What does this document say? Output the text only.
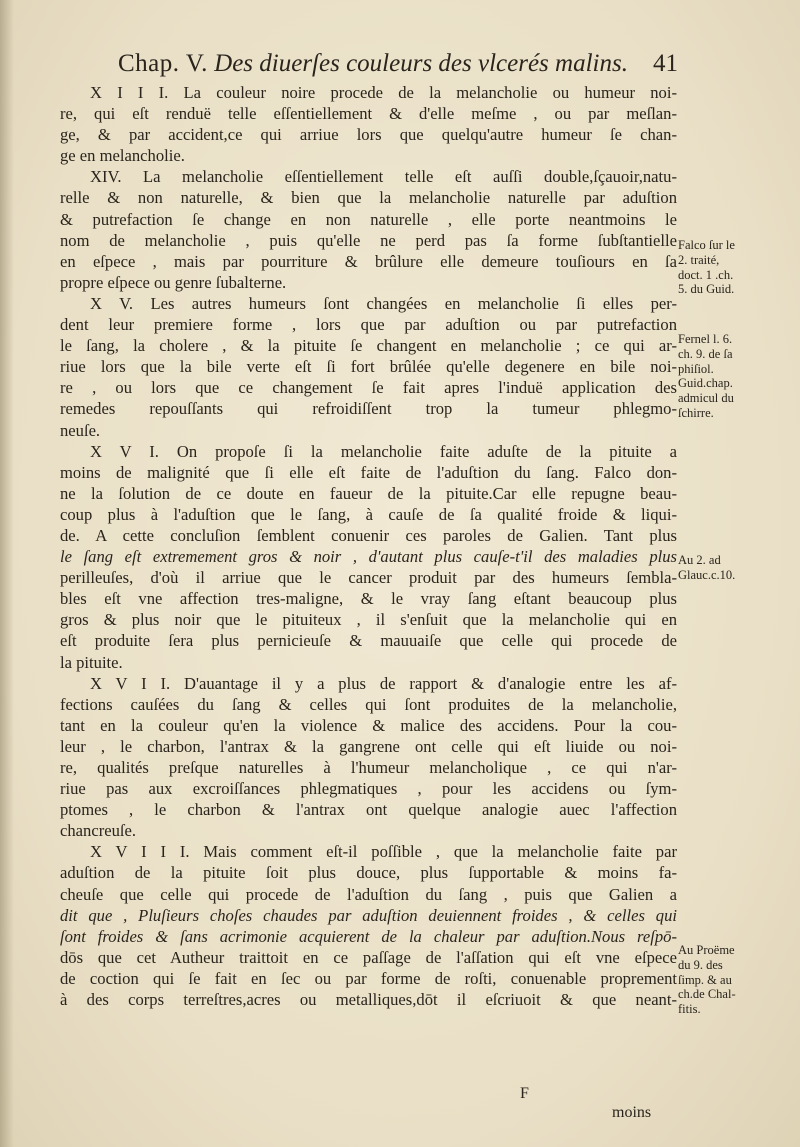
Chap. V. Des diuerſes couleurs des vlcerés malins. 41
X I I I. La couleur noire procede de la melancholie ou humeur noi-
re, qui eſt renduë telle eſſentiellement & d'elle meſme , ou par meſlan-
ge, & par accident,ce qui arriue lors que quelqu'autre humeur ſe chan-
ge en melancholie.
XIV. La melancholie eſſentiellement telle eſt auſſi double,ſçauoir,natu-
relle & non naturelle, & bien que la melancholie naturelle par aduſtion
& putrefaction ſe change en non naturelle , elle porte neantmoins le
nom de melancholie , puis qu'elle ne perd pas ſa forme ſubſtantielle
en eſpece , mais par pourriture & brûlure elle demeure touſiours en ſa
propre eſpece ou genre ſubalterne.
X V. Les autres humeurs ſont changées en melancholie ſi elles per-
dent leur premiere forme , lors que par aduſtion ou par putrefaction
le ſang, la cholere , & la pituite ſe changent en melancholie ; ce qui ar-
riue lors que la bile verte eſt ſi fort brûlée qu'elle degenere en bile noi-
re , ou lors que ce changement ſe fait apres l'induë application des
remedes repouſſants qui refroidiſſent trop la tumeur phlegmo-
neuſe.
X V I. On propoſe ſi la melancholie faite aduſte de la pituite a
moins de malignité que ſi elle eſt faite de l'aduſtion du ſang. Falco don-
ne la ſolution de ce doute en faueur de la pituite.Car elle repugne beau-
coup plus à l'aduſtion que le ſang, à cauſe de ſa qualité froide & liqui-
de. A cette concluſion ſemblent conuenir ces paroles de Galien. Tant plus
le ſang eſt extremement gros & noir , d'autant plus cauſe-t'il des maladies plus
perilleuſes, d'où il arriue que le cancer produit par des humeurs ſembla-
bles eſt vne affection tres-maligne, & le vray ſang eſtant beaucoup plus
gros & plus noir que le pituiteux , il s'enſuit que la melancholie qui en
eſt produite ſera plus pernicieuſe & mauuaiſe que celle qui procede de
la pituite.
X V I I. D'auantage il y a plus de rapport & d'analogie entre les af-
fections cauſées du ſang & celles qui ſont produites de la melancholie,
tant en la couleur qu'en la violence & malice des accidens. Pour la cou-
leur , le charbon, l'antrax & la gangrene ont celle qui eſt liuide ou noi-
re, qualités preſque naturelles à l'humeur melancholique , ce qui n'ar-
riue pas aux excroiſſances phlegmatiques , pour les accidens ou ſym-
ptomes , le charbon & l'antrax ont quelque analogie auec l'affection
chancreuſe.
X V I I I. Mais comment eſt-il poſſible , que la melancholie faite par
aduſtion de la pituite ſoit plus douce, plus ſupportable & moins fa-
cheuſe que celle qui procede de l'aduſtion du ſang , puis que Galien a
dit que , Pluſieurs choſes chaudes par aduſtion deuiennent froides , & celles qui
ſont froides & ſans acrimonie acquierent de la chaleur par aduſtion.Nous reſpō-
dōs que cet Autheur traittoit en ce paſſage de l'aſſation qui eſt vne eſpece
de coction qui ſe fait en ſec ou par forme de roſti, conuenable proprement
à des corps terreſtres,acres ou metalliques,dōt il eſcriuoit & que neant-
Falco ſur le
2. traité,
doct. 1 .ch.
5. du Guid.
Fernel l. 6.
ch. 9. de ſa
phiſiol.
Guid.chap.
admicul du
ſchirre.
Au 2. ad
Glauc.c.10.
Au Proëme
du 9. des
ſimp. & au
ch.de Chal-
fitis.
F
moins
